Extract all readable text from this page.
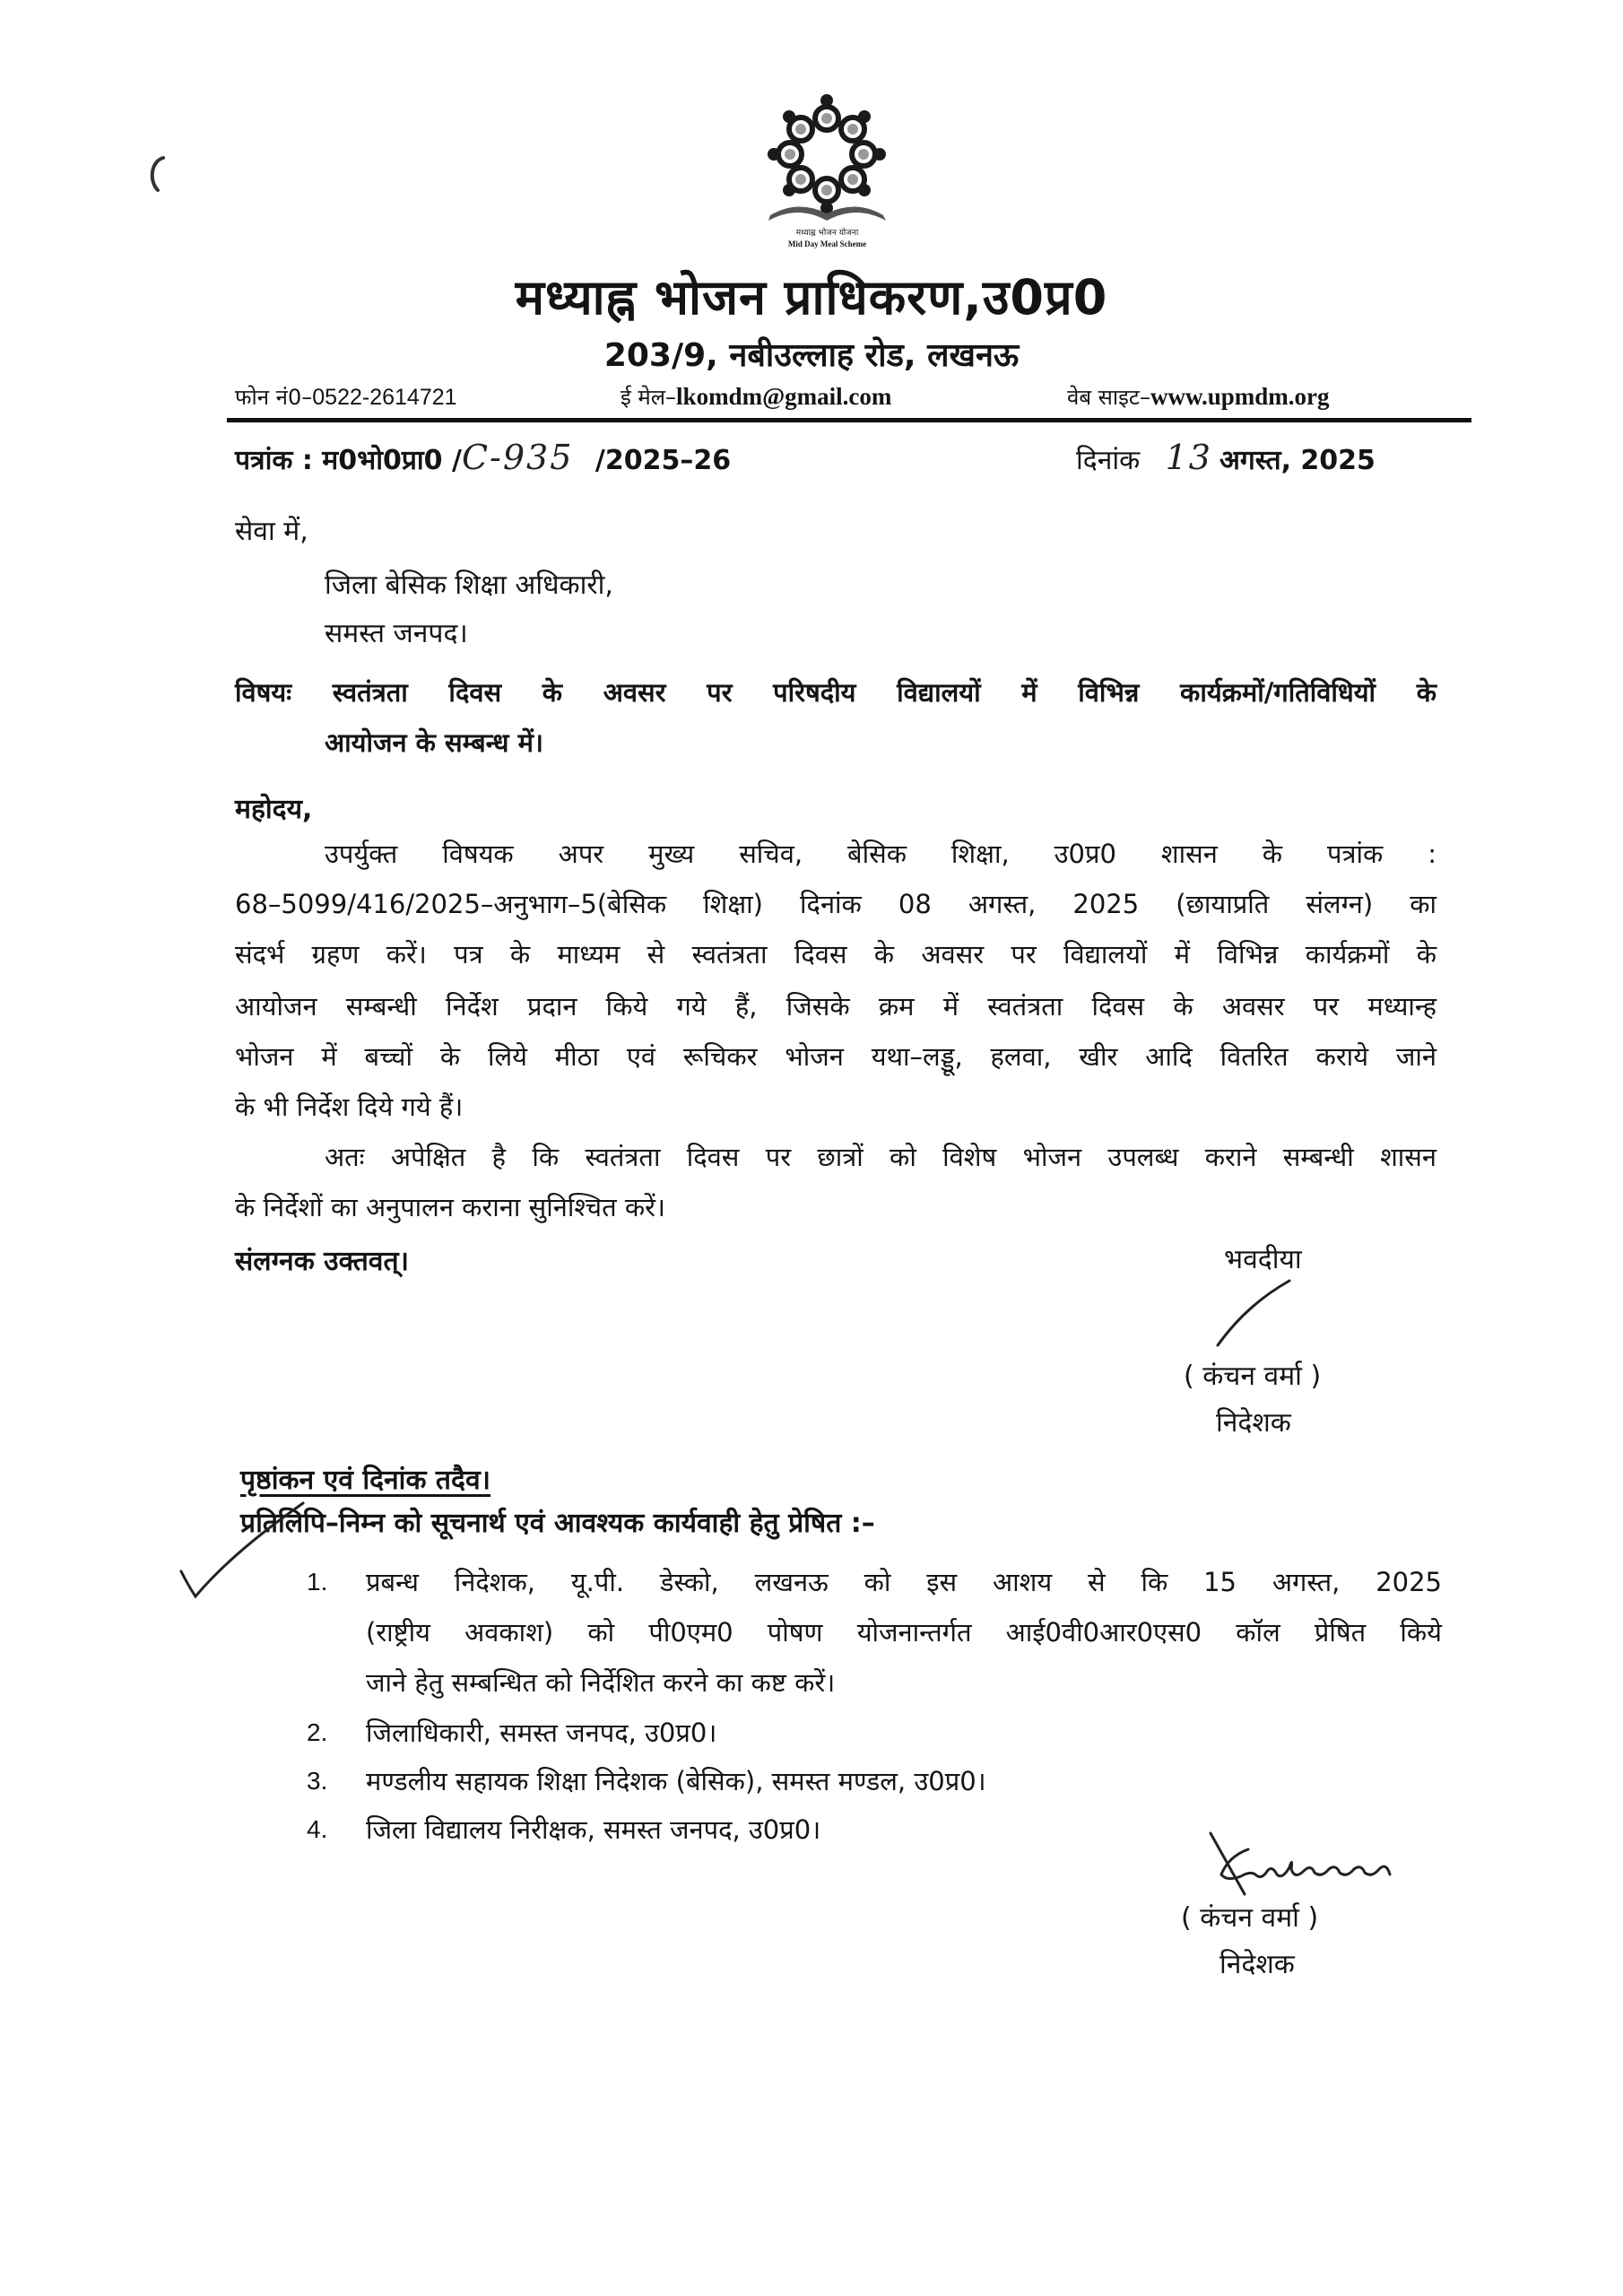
मध्याह्न भोजन योजना
Mid Day Meal Scheme
मध्याह्न भोजन प्राधिकरण,उ0प्र0
203/9, नबीउल्लाह रोड, लखनऊ
फोन नं0–0522-2614721	ई मेल–lkomdm@gmail.com	वेब साइट–www.upmdm.org
पत्रांक : म0भो0प्रा0 /C-935 /2025–26	दिनांक 13 अगस्त, 2025
सेवा में,
जिला बेसिक शिक्षा अधिकारी,
समस्त जनपद।
विषयः स्वतंत्रता दिवस के अवसर पर परिषदीय विद्यालयों में विभिन्न कार्यक्रमों/गतिविधियों के
आयोजन के सम्बन्ध में।
महोदय,
उपर्युक्त विषयक अपर मुख्य सचिव, बेसिक शिक्षा, उ0प्र0 शासन के पत्रांक :
68–5099/416/2025–अनुभाग–5(बेसिक शिक्षा) दिनांक 08 अगस्त, 2025 (छायाप्रति संलग्न) का
संदर्भ ग्रहण करें। पत्र के माध्यम से स्वतंत्रता दिवस के अवसर पर विद्यालयों में विभिन्न कार्यक्रमों के
आयोजन सम्बन्धी निर्देश प्रदान किये गये हैं, जिसके क्रम में स्वतंत्रता दिवस के अवसर पर मध्यान्ह
भोजन में बच्चों के लिये मीठा एवं रूचिकर भोजन यथा–लड्डू, हलवा, खीर आदि वितरित कराये जाने
के भी निर्देश दिये गये हैं।
अतः अपेक्षित है कि स्वतंत्रता दिवस पर छात्रों को विशेष भोजन उपलब्ध कराने सम्बन्धी शासन
के निर्देशों का अनुपालन कराना सुनिश्चित करें।
संलग्नक उक्तवत्।	भवदीया
( कंचन वर्मा )
निदेशक
पृष्ठांकन एवं दिनांक तदैव।
प्रतिलिपि–निम्न को सूचनार्थ एवं आवश्यक कार्यवाही हेतु प्रेषित :–
1. प्रबन्ध निदेशक, यू.पी. डेस्को, लखनऊ को इस आशय से कि 15 अगस्त, 2025
(राष्ट्रीय अवकाश) को पी0एम0 पोषण योजनान्तर्गत आई0वी0आर0एस0 कॉल प्रेषित किये
जाने हेतु सम्बन्धित को निर्देशित करने का कष्ट करें।
2. जिलाधिकारी, समस्त जनपद, उ0प्र0।
3. मण्डलीय सहायक शिक्षा निदेशक (बेसिक), समस्त मण्डल, उ0प्र0।
4. जिला विद्यालय निरीक्षक, समस्त जनपद, उ0प्र0।
( कंचन वर्मा )
निदेशक
